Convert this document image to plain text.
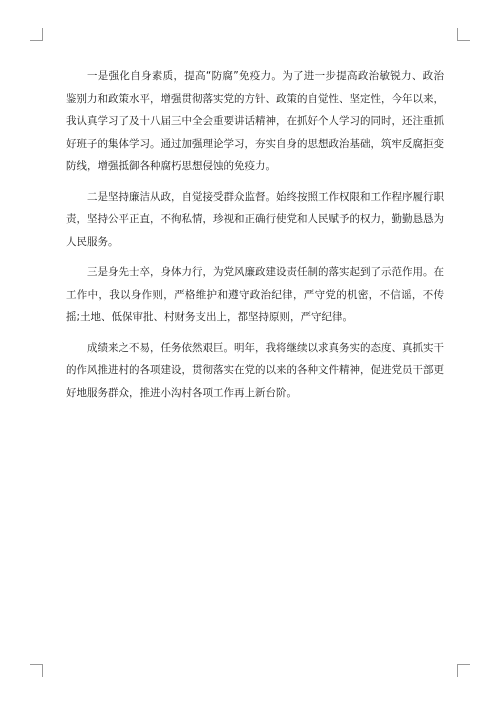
一是强化自身素质，提高“防腐”免疫力。为了进一步提高政治敏锐力、政治鉴别力和政策水平，增强贯彻落实党的方针、政策的自觉性、坚定性，今年以来，我认真学习了及十八届三中全会重要讲话精神，在抓好个人学习的同时，还注重抓好班子的集体学习。通过加强理论学习，夯实自身的思想政治基础，筑牢反腐拒变防线，增强抵御各种腐朽思想侵蚀的免疫力。

二是坚持廉洁从政，自觉接受群众监督。始终按照工作权限和工作程序履行职责，坚持公平正直，不徇私情，珍视和正确行使党和人民赋予的权力，勤勤恳恳为人民服务。

三是身先士卒，身体力行，为党风廉政建设责任制的落实起到了示范作用。在工作中，我以身作则，严格维护和遵守政治纪律，严守党的机密，不信谣，不传摇;土地、低保审批、村财务支出上，都坚持原则，严守纪律。

成绩来之不易，任务依然艰巨。明年，我将继续以求真务实的态度、真抓实干的作风推进村的各项建设，贯彻落实在党的以来的各种文件精神，促进党员干部更好地服务群众，推进小沟村各项工作再上新台阶。
